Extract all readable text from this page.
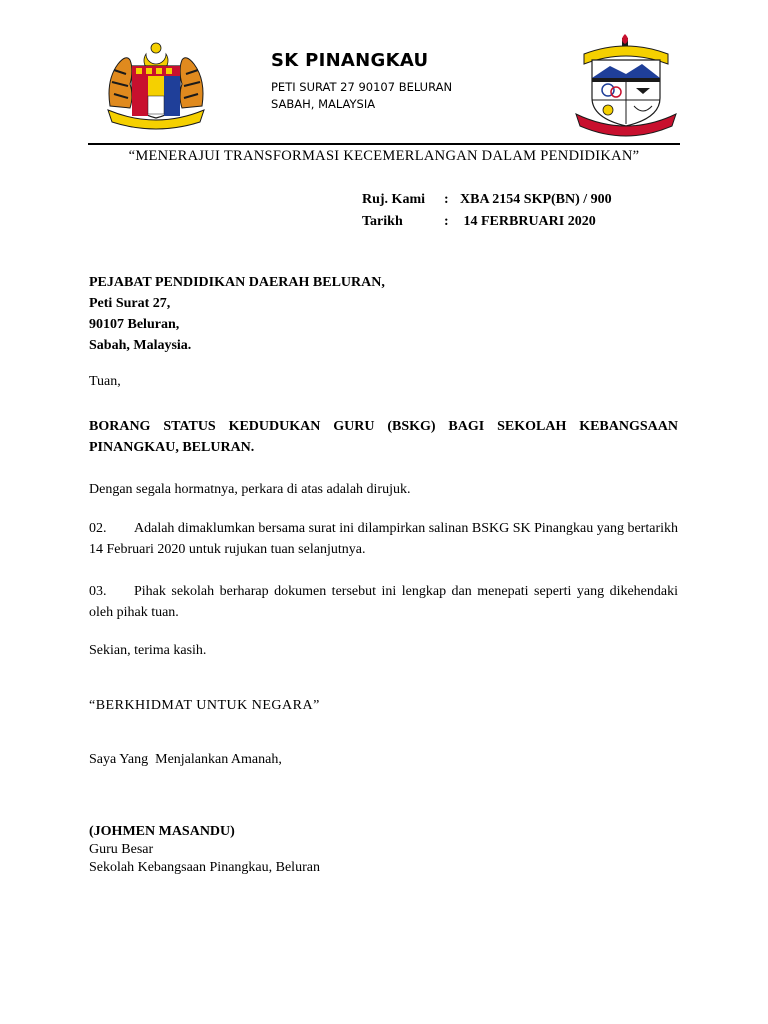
SK PINANGKAU
PETI SURAT 27 90107 BELURAN
SABAH, MALAYSIA
“MENERAJUI TRANSFORMASI KECEMERLANGAN DALAM PENDIDIKAN”
Ruj. Kami	: XBA 2154 SKP(BN) / 900
Tarikh	: 14 FERBRUARI 2020
PEJABAT PENDIDIKAN DAERAH BELURAN,
Peti Surat 27,
90107 Beluran,
Sabah, Malaysia.
Tuan,
BORANG STATUS KEDUDUKAN GURU (BSKG) BAGI SEKOLAH KEBANGSAAN PINANGKAU, BELURAN.
Dengan segala hormatnya, perkara di atas adalah dirujuk.
02. Adalah dimaklumkan bersama surat ini dilampirkan salinan BSKG SK Pinangkau yang bertarikh 14 Februari 2020 untuk rujukan tuan selanjutnya.
03. Pihak sekolah berharap dokumen tersebut ini lengkap dan menepati seperti yang dikehendaki oleh pihak tuan.
Sekian, terima kasih.
“BERKHIDMAT UNTUK NEGARA”
Saya Yang  Menjalankan Amanah,
(JOHMEN MASANDU)
Guru Besar
Sekolah Kebangsaan Pinangkau, Beluran
